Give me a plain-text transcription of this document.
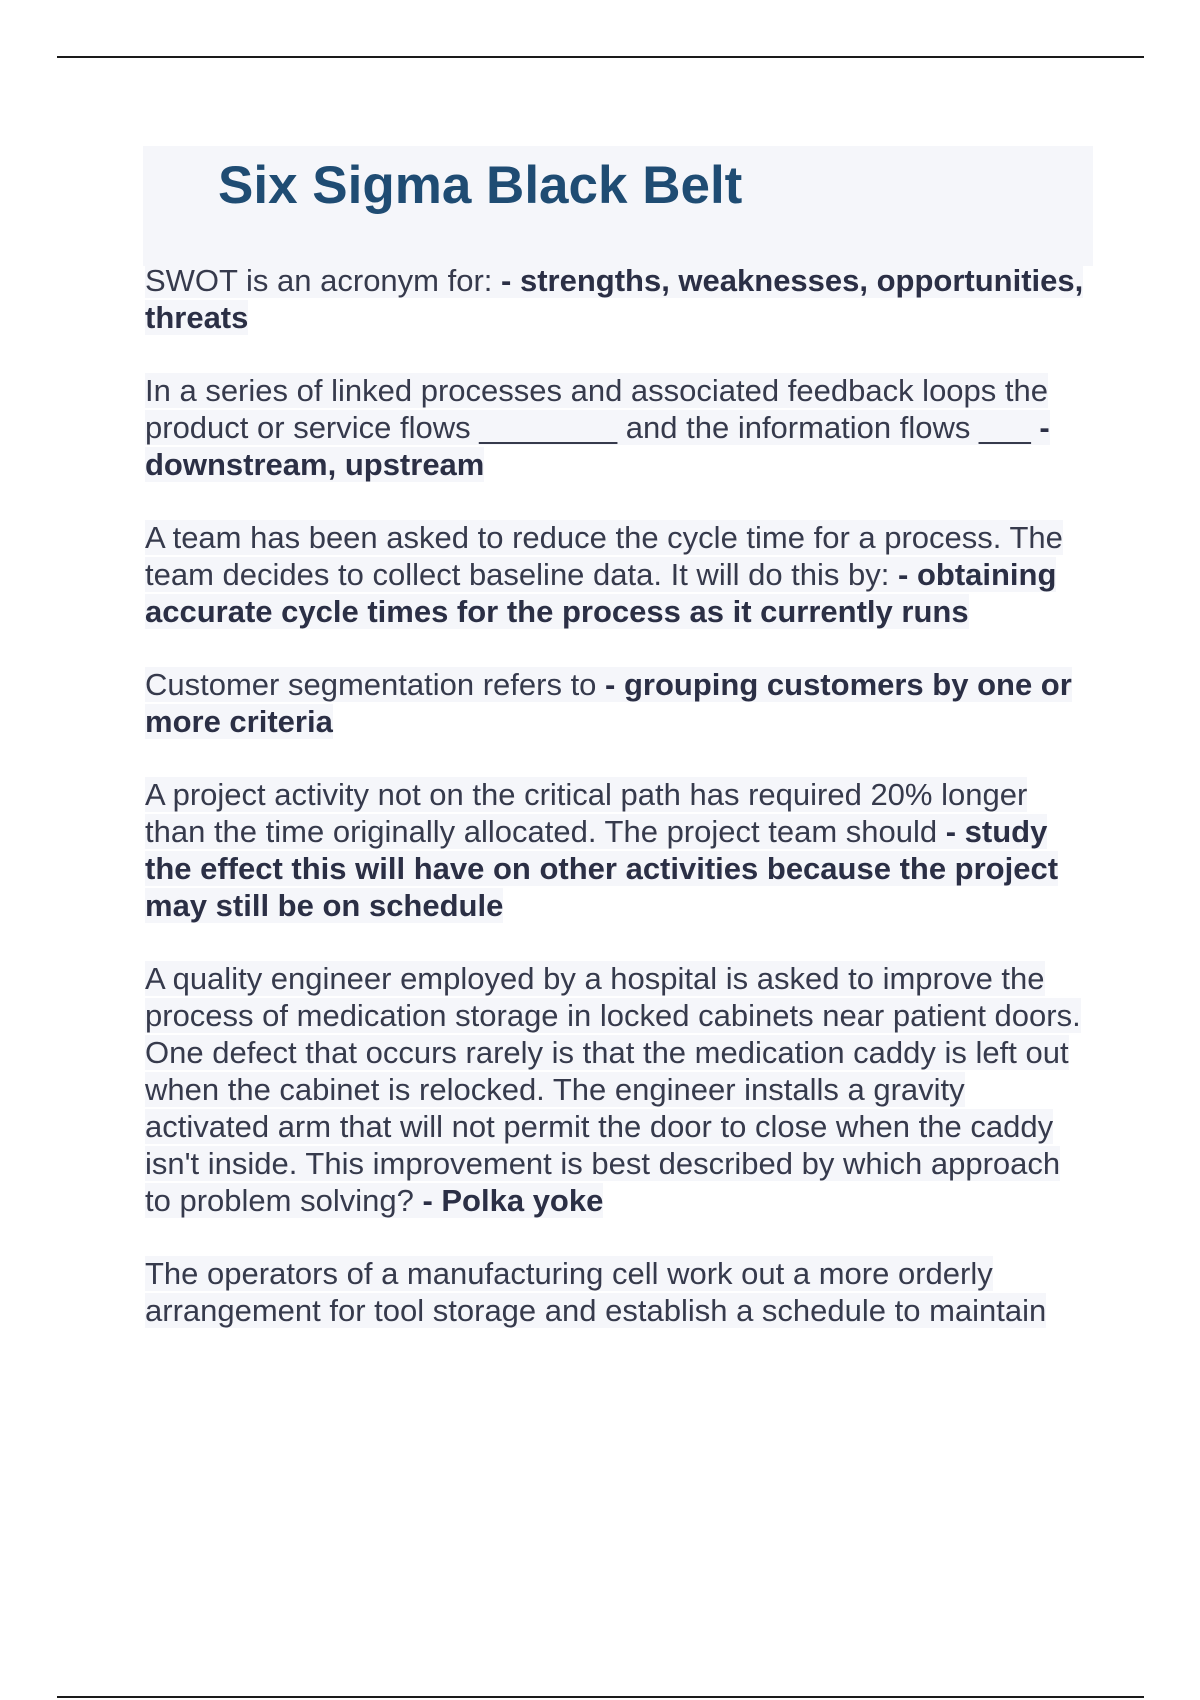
Six Sigma Black Belt

SWOT is an acronym for: - strengths, weaknesses, opportunities, threats

In a series of linked processes and associated feedback loops the product or service flows ________ and the information flows ___ - downstream, upstream

A team has been asked to reduce the cycle time for a process. The team decides to collect baseline data. It will do this by: - obtaining accurate cycle times for the process as it currently runs

Customer segmentation refers to - grouping customers by one or more criteria

A project activity not on the critical path has required 20% longer than the time originally allocated. The project team should - study the effect this will have on other activities because the project may still be on schedule

A quality engineer employed by a hospital is asked to improve the process of medication storage in locked cabinets near patient doors. One defect that occurs rarely is that the medication caddy is left out when the cabinet is relocked. The engineer installs a gravity activated arm that will not permit the door to close when the caddy isn't inside. This improvement is best described by which approach to problem solving? - Polka yoke

The operators of a manufacturing cell work out a more orderly arrangement for tool storage and establish a schedule to maintain
